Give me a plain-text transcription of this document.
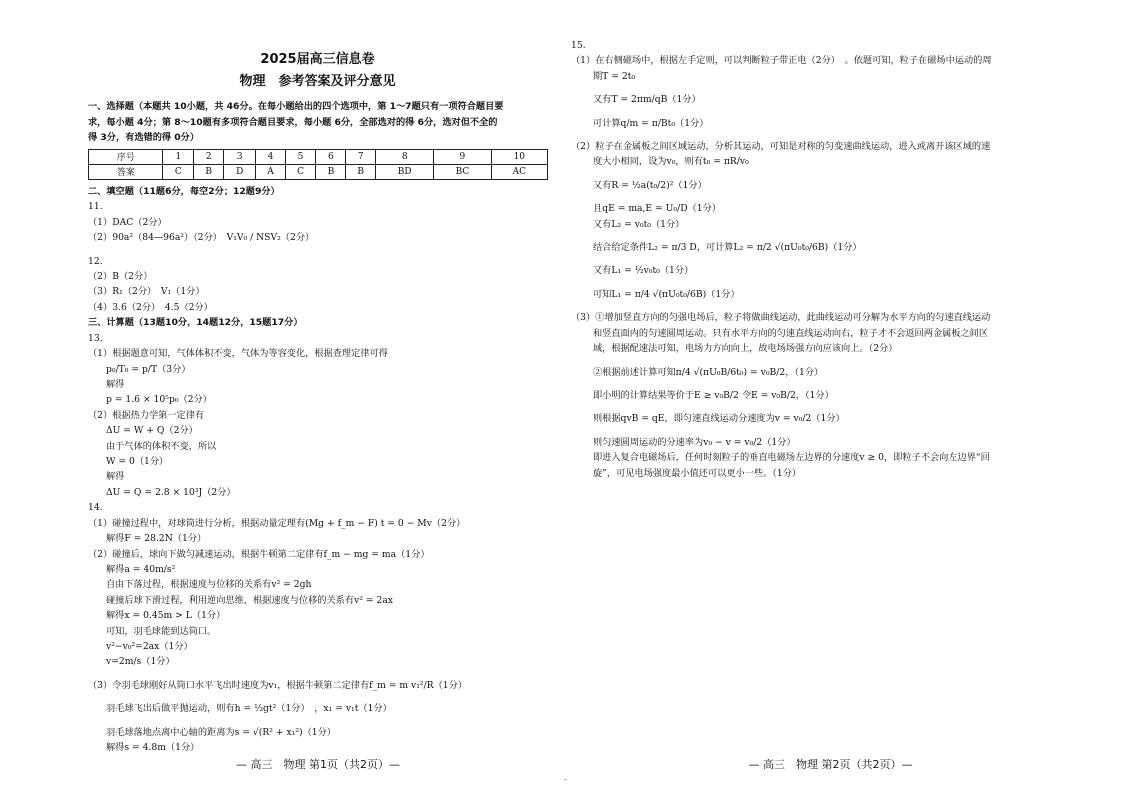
2025届高三信息卷
物理　参考答案及评分意见

一、选择题（本题共 10小题，共 46分。在每小题给出的四个选项中，第 1～7题只有一项符合题目要

求，每小题 4分；第 8～10题有多项符合题目要求，每小题 6分，全部选对的得 6分，选对但不全的

得 3分，有选错的得 0分）

序号	1	2	3	4	5	6	7	8	9	10
答案	C	B	D	A	C	B	B	BD	BC	AC

二、填空题（11题6分，每空2分；12题9分）

11.

（1）DAC（2分）

（2）90a²（84—96a²）（2分）　V₁V₀ / NSV₂（2分）

12.

（2）B（2分）

（3）R₁（2分）　V₁（1分）

（4）3.6（2分）　4.5（2分）

三、计算题（13题10分，14题12分，15题17分）

13.

（1）根据题意可知，气体体积不变，气体为等容变化，根据查理定律可得

p₀/T₀ = p/T（3分）

解得

p = 1.6 × 10⁵p₀（2分）

（2）根据热力学第一定律有

ΔU = W + Q（2分）

由于气体的体积不变，所以

W = 0（1分）

解得

ΔU = Q = 2.8 × 10³J（2分）

14.

（1）碰撞过程中，对球筒进行分析，根据动量定理有(Mg + f_m − F) t = 0 − Mv（2分）

解得F = 28.2N（1分）

（2）碰撞后，球向下做匀减速运动，根据牛顿第二定律有f_m − mg = ma（1分）

解得a = 40m/s²

自由下落过程，根据速度与位移的关系有v² = 2gh

碰撞后球下滑过程，利用逆向思维，根据速度与位移的关系有v² = 2ax

解得x = 0.45m > L（1分）

可知，羽毛球能到达筒口。

v²−v₀²=2ax（1分）

v=2m/s（1分）

（3）令羽毛球刚好从筒口水平飞出时速度为v₁，根据牛顿第二定律有f_m = m v₁²/R（1分）

羽毛球飞出后做平抛运动，则有h = ½gt²（1分）　，x₁ = v₁t（1分）

羽毛球落地点离中心轴的距离为s = √(R² + x₁²)（1分）

解得s = 4.8m（1分）

— 高三　物理 第1页（共2页）—
-

15.

（1）在右侧磁场中，根据左手定则，可以判断粒子带正电（2分）　。依题可知，粒子在磁场中运动的周

期T = 2t₀

又有T = 2πm/qB（1分）

可计算q/m = π/Bt₀（1分）

（2）粒子在金属板之间区域运动，分析其运动，可知是对称的匀变速曲线运动，进入或离开该区域的速

度大小相同，设为v₀，则有t₀ = πR/v₀

又有R = ½a(t₀/2)²（1分）

且qE = ma,E = U₀/D（1分）

又有L₂ = v₀t₀（1分）

结合给定条件L₂ = π/3 D，可计算L₂ = π/2 √(πU₀t₀/6B)（1分）

又有L₁ = ½v₀t₀（1分）

可知L₁ = π/4 √(πU₀t₀/6B)（1分）

（3）①增加竖直方向的匀强电场后，粒子将做曲线运动，此曲线运动可分解为水平方向的匀速直线运动

和竖直面内的匀速圆周运动。只有水平方向的匀速直线运动向右，粒子才不会返回两金属板之间区

域，根据配速法可知，电场力方向向上，故电场场强方向应该向上。（2分）

②根据前述计算可知π/4 √(πU₀B/6t₀) = v₀B/2，（1分）

即小明的计算结果等价于E ≥ v₀B/2 令E = v₀B/2，（1分）

则根据qvB = qE，即匀速直线运动分速度为v = v₀/2（1分）

则匀速圆周运动的分速率为v₀ − v = v₀/2（1分）

即进入复合电磁场后，任何时刻粒子的垂直电磁场左边界的分速度v ≥ 0，即粒子不会向左边界“回

旋”，可见电场强度最小值还可以更小一些。（1分）

— 高三　物理 第2页（共2页）—
